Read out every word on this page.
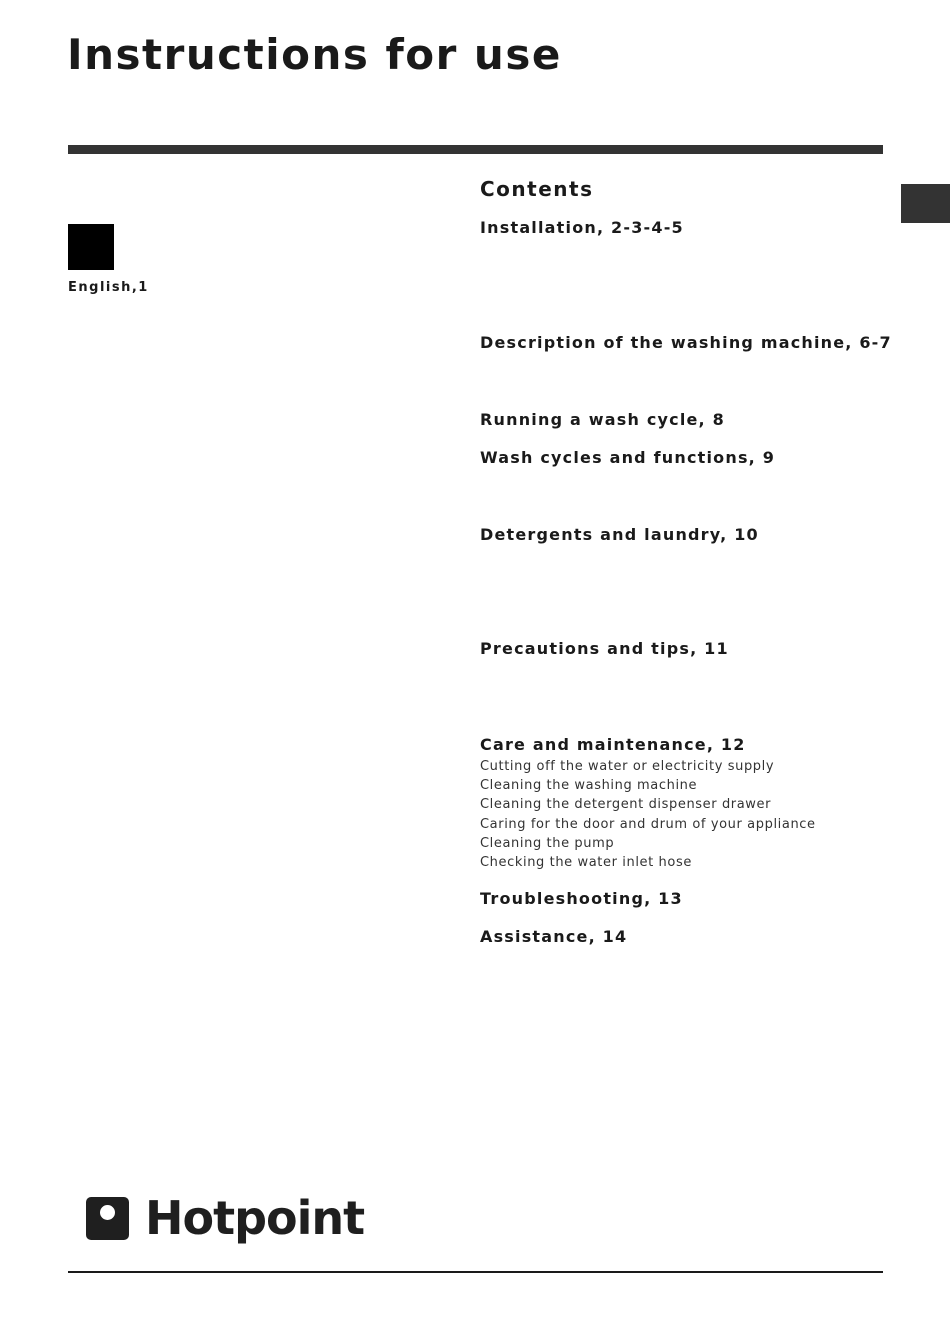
Instructions for use
English,1
Contents
Installation, 2-3-4-5
Description of the washing machine, 6-7
Running a wash cycle, 8
Wash cycles and functions, 9
Detergents and laundry, 10
Precautions and tips, 11
Care and maintenance, 12
Cutting off the water or electricity supply
Cleaning the washing machine
Cleaning the detergent dispenser drawer
Caring for the door and drum of your appliance
Cleaning the pump
Checking the water inlet hose
Troubleshooting, 13
Assistance, 14
Hotpoint
